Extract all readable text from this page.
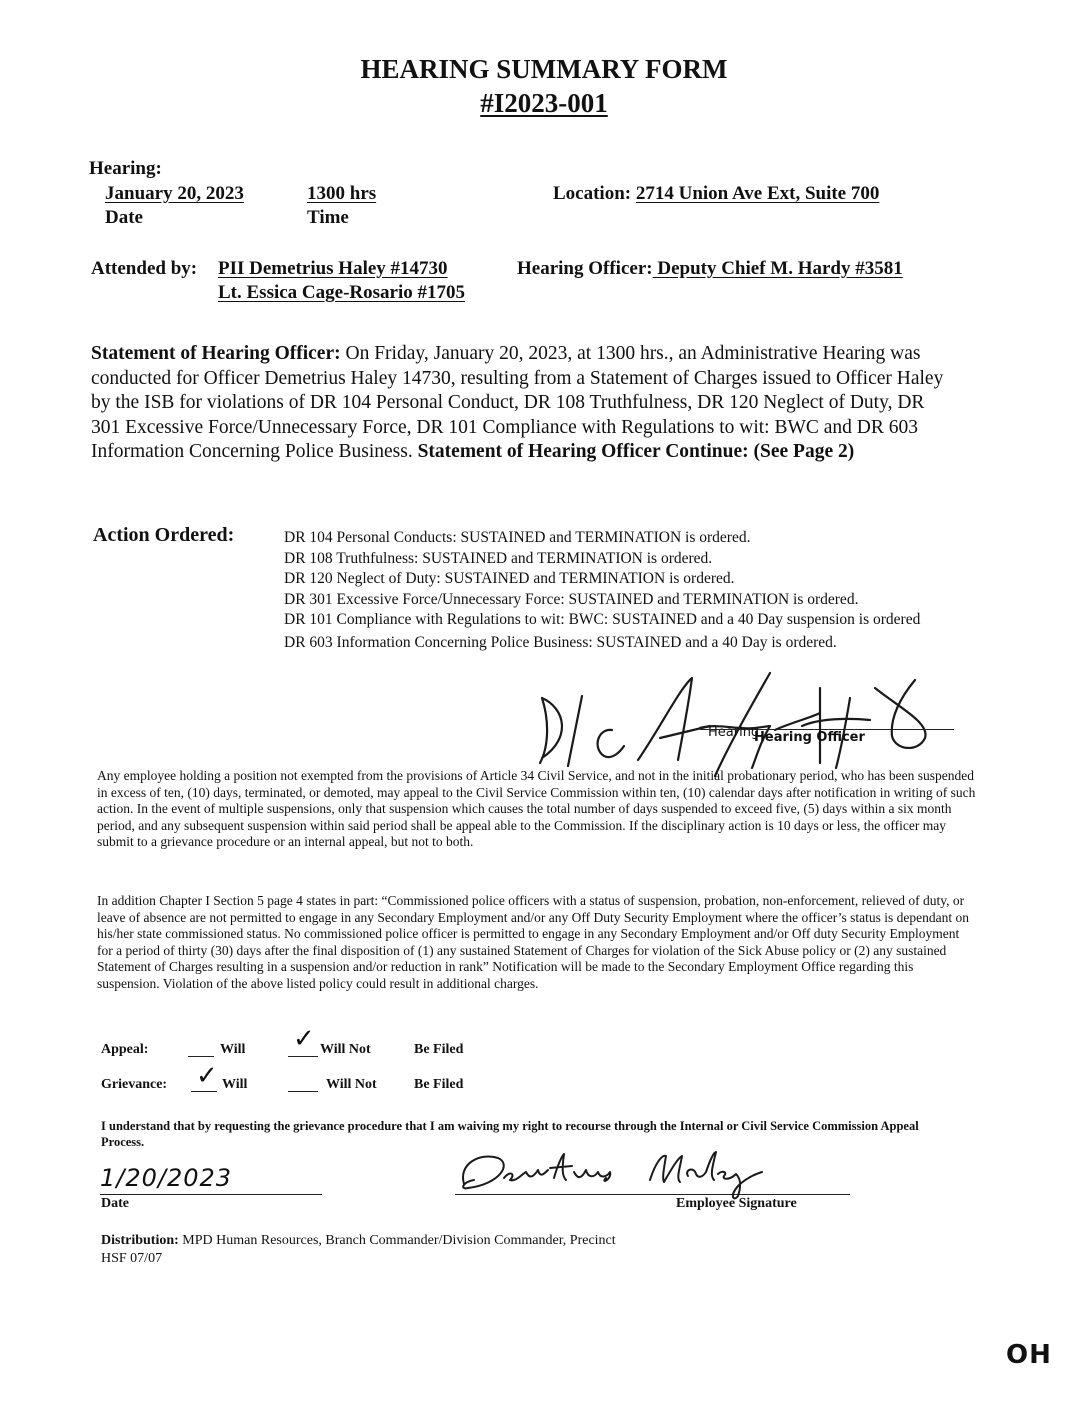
HEARING SUMMARY FORM
#I2023-001
Hearing:
January 20, 2023
Date
1300 hrs
Time
Location: 2714 Union Ave Ext, Suite 700
Attended by: PII Demetrius Haley #14730
Lt. Essica Cage-Rosario #1705
Hearing Officer: Deputy Chief M. Hardy #3581
Statement of Hearing Officer: On Friday, January 20, 2023, at 1300 hrs., an Administrative Hearing was conducted for Officer Demetrius Haley 14730, resulting from a Statement of Charges issued to Officer Haley by the ISB for violations of DR 104 Personal Conduct, DR 108 Truthfulness, DR 120 Neglect of Duty, DR 301 Excessive Force/Unnecessary Force, DR 101 Compliance with Regulations to wit: BWC and DR 603 Information Concerning Police Business. Statement of Hearing Officer Continue: (See Page 2)
Action Ordered:	DR 104 Personal Conducts: SUSTAINED and TERMINATION is ordered.
DR 108 Truthfulness: SUSTAINED and TERMINATION is ordered.
DR 120 Neglect of Duty: SUSTAINED and TERMINATION is ordered.
DR 301 Excessive Force/Unnecessary Force: SUSTAINED and TERMINATION is ordered.
DR 101 Compliance with Regulations to wit: BWC: SUSTAINED and a 40 Day suspension is ordered
DR 603 Information Concerning Police Business: SUSTAINED and a 40 Day is ordered.
Hearing
Hearing Officer
Any employee holding a position not exempted from the provisions of Article 34 Civil Service, and not in the initial probationary period, who has been suspended in excess of ten, (10) days, terminated, or demoted, may appeal to the Civil Service Commission within ten, (10) calendar days after notification in writing of such action. In the event of multiple suspensions, only that suspension which causes the total number of days suspended to exceed five, (5) days within a six month period, and any subsequent suspension within said period shall be appeal able to the Commission. If the disciplinary action is 10 days or less, the officer may submit to a grievance procedure or an internal appeal, but not to both.
In addition Chapter I Section 5 page 4 states in part: “Commissioned police officers with a status of suspension, probation, non-enforcement, relieved of duty, or leave of absence are not permitted to engage in any Secondary Employment and/or any Off Duty Security Employment where the officer’s status is dependant on his/her state commissioned status. No commissioned police officer is permitted to engage in any Secondary Employment and/or Off duty Security Employment for a period of thirty (30) days after the final disposition of (1) any sustained Statement of Charges for violation of the Sick Abuse policy or (2) any sustained Statement of Charges resulting in a suspension and/or reduction in rank” Notification will be made to the Secondary Employment Office regarding this suspension. Violation of the above listed policy could result in additional charges.
Appeal:	Will ✓ Will Not	Be Filed
Grievance: ✓ Will	Will Not	Be Filed
I understand that by requesting the grievance procedure that I am waiving my right to recourse through the Internal or Civil Service Commission Appeal Process.
1/20/2023
Date	Employee Signature
Distribution: MPD Human Resources, Branch Commander/Division Commander, Precinct
HSF 07/07
OH
